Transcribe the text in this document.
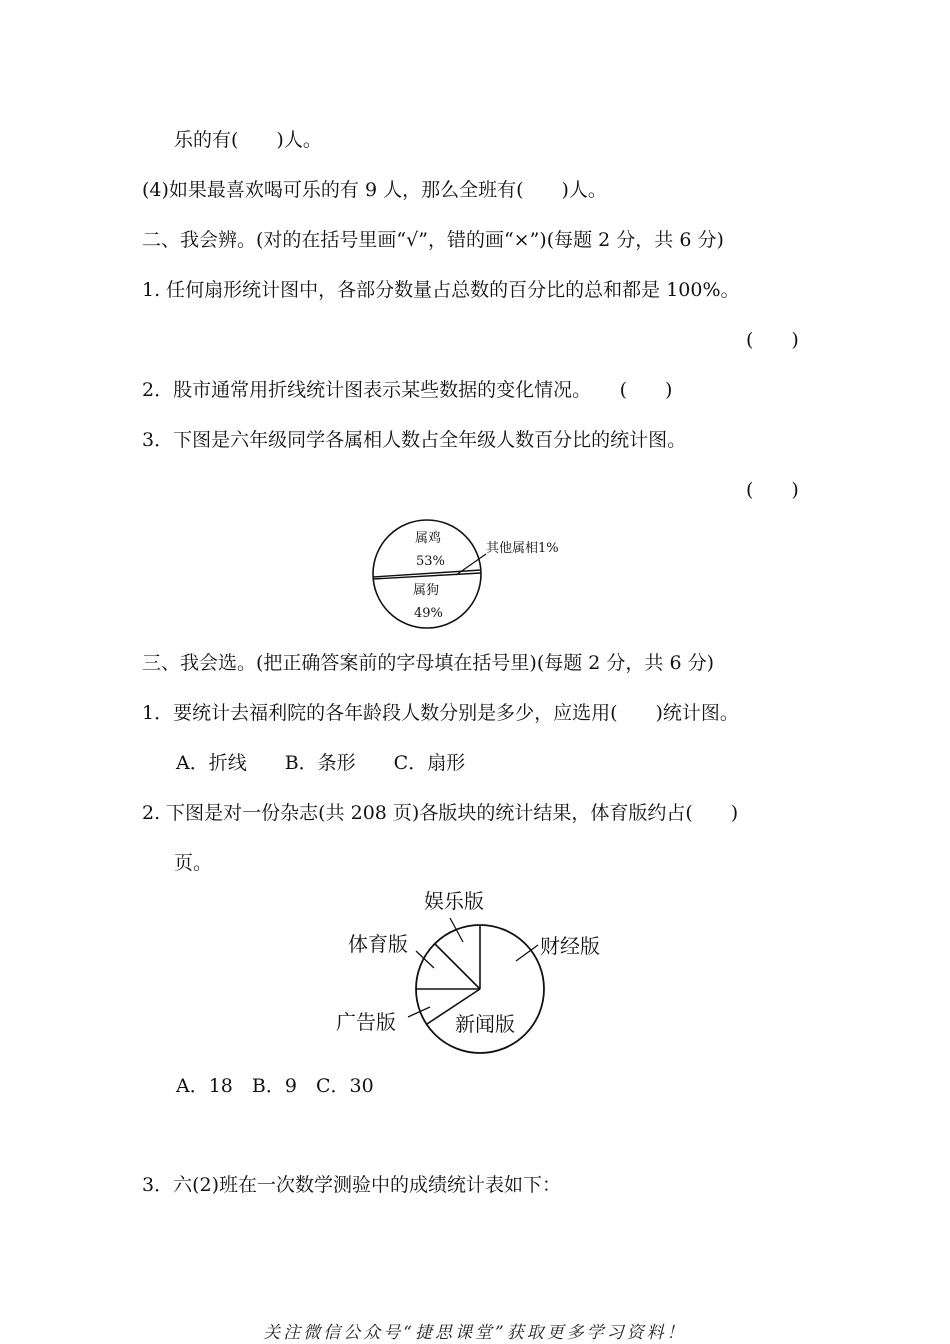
乐的有(　　)人。
(4)如果最喜欢喝可乐的有 9 人，那么全班有(　　)人。
二、我会辨。(对的在括号里画“√”，错的画“×”)(每题 2 分，共 6 分)
1. 任何扇形统计图中，各部分数量占总数的百分比的总和都是 100%。
(　　)
2．股市通常用折线统计图表示某些数据的变化情况。　　(　　)
3．下图是六年级同学各属相人数占全年级人数百分比的统计图。
(　　)
属鸡
53%
属狗
49%
其他属相1%
三、我会选。(把正确答案前的字母填在括号里)(每题 2 分，共 6 分)
1．要统计去福利院的各年龄段人数分别是多少，应选用(　　)统计图。
A．折线　　B．条形　　C．扇形
2. 下图是对一份杂志(共 208 页)各版块的统计结果，体育版约占(　　)
页。
娱乐版
财经版
新闻版
广告版
体育版
A．18　B．9　C．30
3．六(2)班在一次数学测验中的成绩统计表如下：
关注微信公众号“捷思课堂”获取更多学习资料！
